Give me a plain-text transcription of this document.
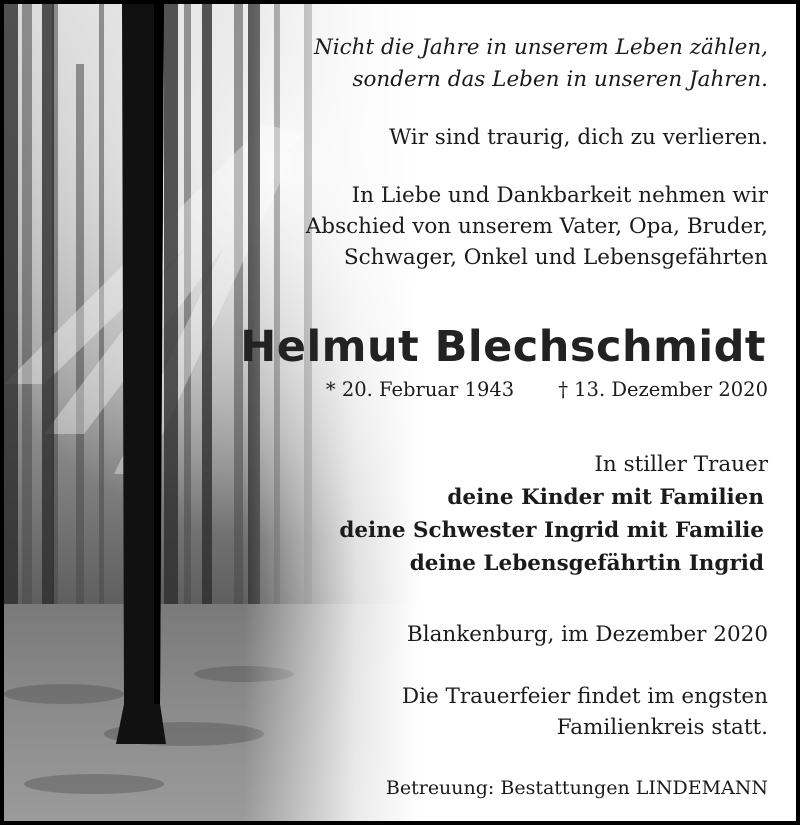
Nicht die Jahre in unserem Leben zählen,
sondern das Leben in unseren Jahren.
Wir sind traurig, dich zu verlieren.
In Liebe und Dankbarkeit nehmen wir
Abschied von unserem Vater, Opa, Bruder,
Schwager, Onkel und Lebensgefährten
Helmut Blechschmidt
* 20. Februar 1943 † 13. Dezember 2020
In stiller Trauer
deine Kinder mit Familien
deine Schwester Ingrid mit Familie
deine Lebensgefährtin Ingrid
Blankenburg, im Dezember 2020
Die Trauerfeier findet im engsten
Familienkreis statt.
Betreuung: Bestattungen LINDEMANN
